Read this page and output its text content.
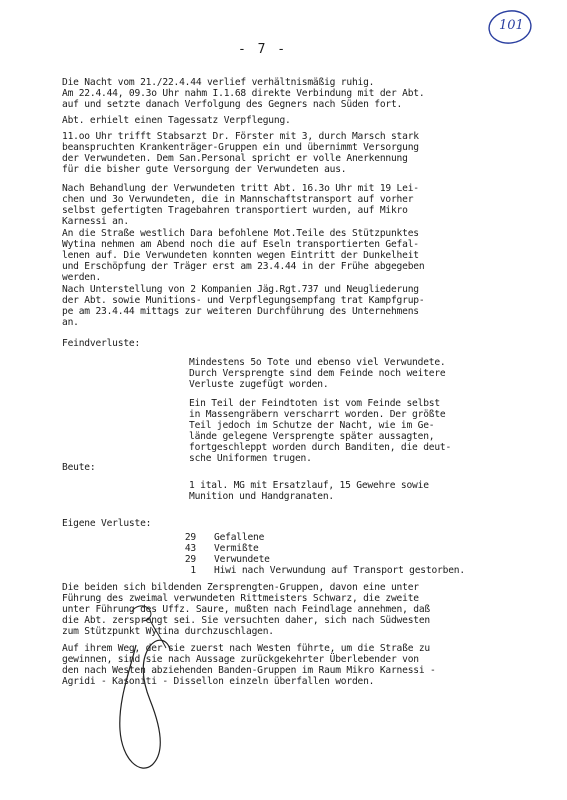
101
- 7 -
Die Nacht vom 21./22.4.44 verlief verhältnismäßig ruhig.
Am 22.4.44, 09.3o Uhr nahm I.1.68 direkte Verbindung mit der Abt.
auf und setzte danach Verfolgung des Gegners nach Süden fort.
Abt. erhielt einen Tagessatz Verpflegung.
11.oo Uhr trifft Stabsarzt Dr. Förster mit 3, durch Marsch stark
beanspruchten Krankenträger-Gruppen ein und übernimmt Versorgung
der Verwundeten. Dem San.Personal spricht er volle Anerkennung
für die bisher gute Versorgung der Verwundeten aus.
Nach Behandlung der Verwundeten tritt Abt. 16.3o Uhr mit 19 Lei-
chen und 3o Verwundeten, die in Mannschaftstransport auf vorher
selbst gefertigten Tragebahren transportiert wurden, auf Mikro
Karnessi an.
An die Straße westlich Dara befohlene Mot.Teile des Stützpunktes
Wytina nehmen am Abend noch die auf Eseln transportierten Gefal-
lenen auf. Die Verwundeten konnten wegen Eintritt der Dunkelheit
und Erschöpfung der Träger erst am 23.4.44 in der Frühe abgegeben
werden.
Nach Unterstellung von 2 Kompanien Jäg.Rgt.737 und Neugliederung
der Abt. sowie Munitions- und Verpflegungsempfang trat Kampfgrup-
pe am 23.4.44 mittags zur weiteren Durchführung des Unternehmens
an.
Feindverluste:
Mindestens 5o Tote und ebenso viel Verwundete.
Durch Versprengte sind dem Feinde noch weitere
Verluste zugefügt worden.
Ein Teil der Feindtoten ist vom Feinde selbst
in Massengräbern verscharrt worden. Der größte
Teil jedoch im Schutze der Nacht, wie im Ge-
lände gelegene Versprengte später aussagten,
fortgeschleppt worden durch Banditen, die deut-
sche Uniformen trugen.
Beute:
1 ital. MG mit Ersatzlauf, 15 Gewehre sowie
Munition und Handgranaten.
Eigene Verluste:
29 Gefallene
43 Vermißte
29 Verwundete
1 Hiwi nach Verwundung auf Transport gestorben.
Die beiden sich bildenden Zersprengten-Gruppen, davon eine unter
Führung des zweimal verwundeten Rittmeisters Schwarz, die zweite
unter Führung des Uffz. Saure, mußten nach Feindlage annehmen, daß
die Abt. zersprengt sei. Sie versuchten daher, sich nach Südwesten
zum Stützpunkt Wytina durchzuschlagen.
Auf ihrem Weg, der sie zuerst nach Westen führte, um die Straße zu
gewinnen, sind sie nach Aussage zurückgekehrter Überlebender von
den nach Westen abziehenden Banden-Gruppen im Raum Mikro Karnessi -
Agridi - Kasoniti - Dissellon einzeln überfallen worden.
